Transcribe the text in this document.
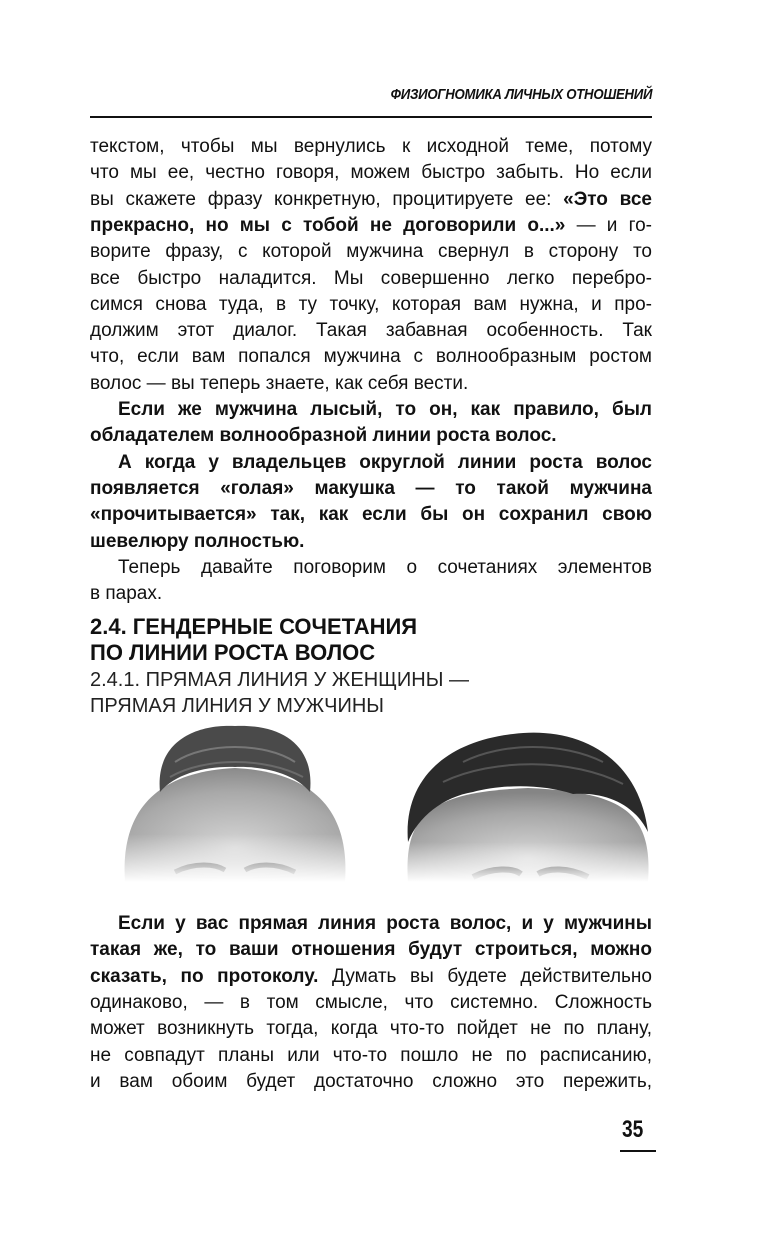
ФИЗИОГНОМИКА ЛИЧНЫХ ОТНОШЕНИЙ
текстом, чтобы мы вернулись к исходной теме, потому
что мы ее, честно говоря, можем быстро забыть. Но если
вы скажете фразу конкретную, процитируете ее: «Это все
прекрасно, но мы с тобой не договорили о...» — и го-
ворите фразу, с которой мужчина свернул в сторону то
все быстро наладится. Мы совершенно легко перебро-
симся снова туда, в ту точку, которая вам нужна, и про-
должим этот диалог. Такая забавная особенность. Так
что, если вам попался мужчина с волнообразным ростом
волос — вы теперь знаете, как себя вести.
Если же мужчина лысый, то он, как правило, был
обладателем волнообразной линии роста волос.
А когда у владельцев округлой линии роста волос
появляется «голая» макушка — то такой мужчина
«прочитывается» так, как если бы он сохранил свою
шевелюру полностью.
Теперь давайте поговорим о сочетаниях элементов
в парах.
2.4. ГЕНДЕРНЫЕ СОЧЕТАНИЯ
ПО ЛИНИИ РОСТА ВОЛОС
2.4.1. ПРЯМАЯ ЛИНИЯ У ЖЕНЩИНЫ —
ПРЯМАЯ ЛИНИЯ У МУЖЧИНЫ
Если у вас прямая линия роста волос, и у мужчины
такая же, то ваши отношения будут строиться, можно
сказать, по протоколу. Думать вы будете действительно
одинаково, — в том смысле, что системно. Сложность
может возникнуть тогда, когда что-то пойдет не по плану,
не совпадут планы или что-то пошло не по расписанию,
и вам обоим будет достаточно сложно это пережить,
35
